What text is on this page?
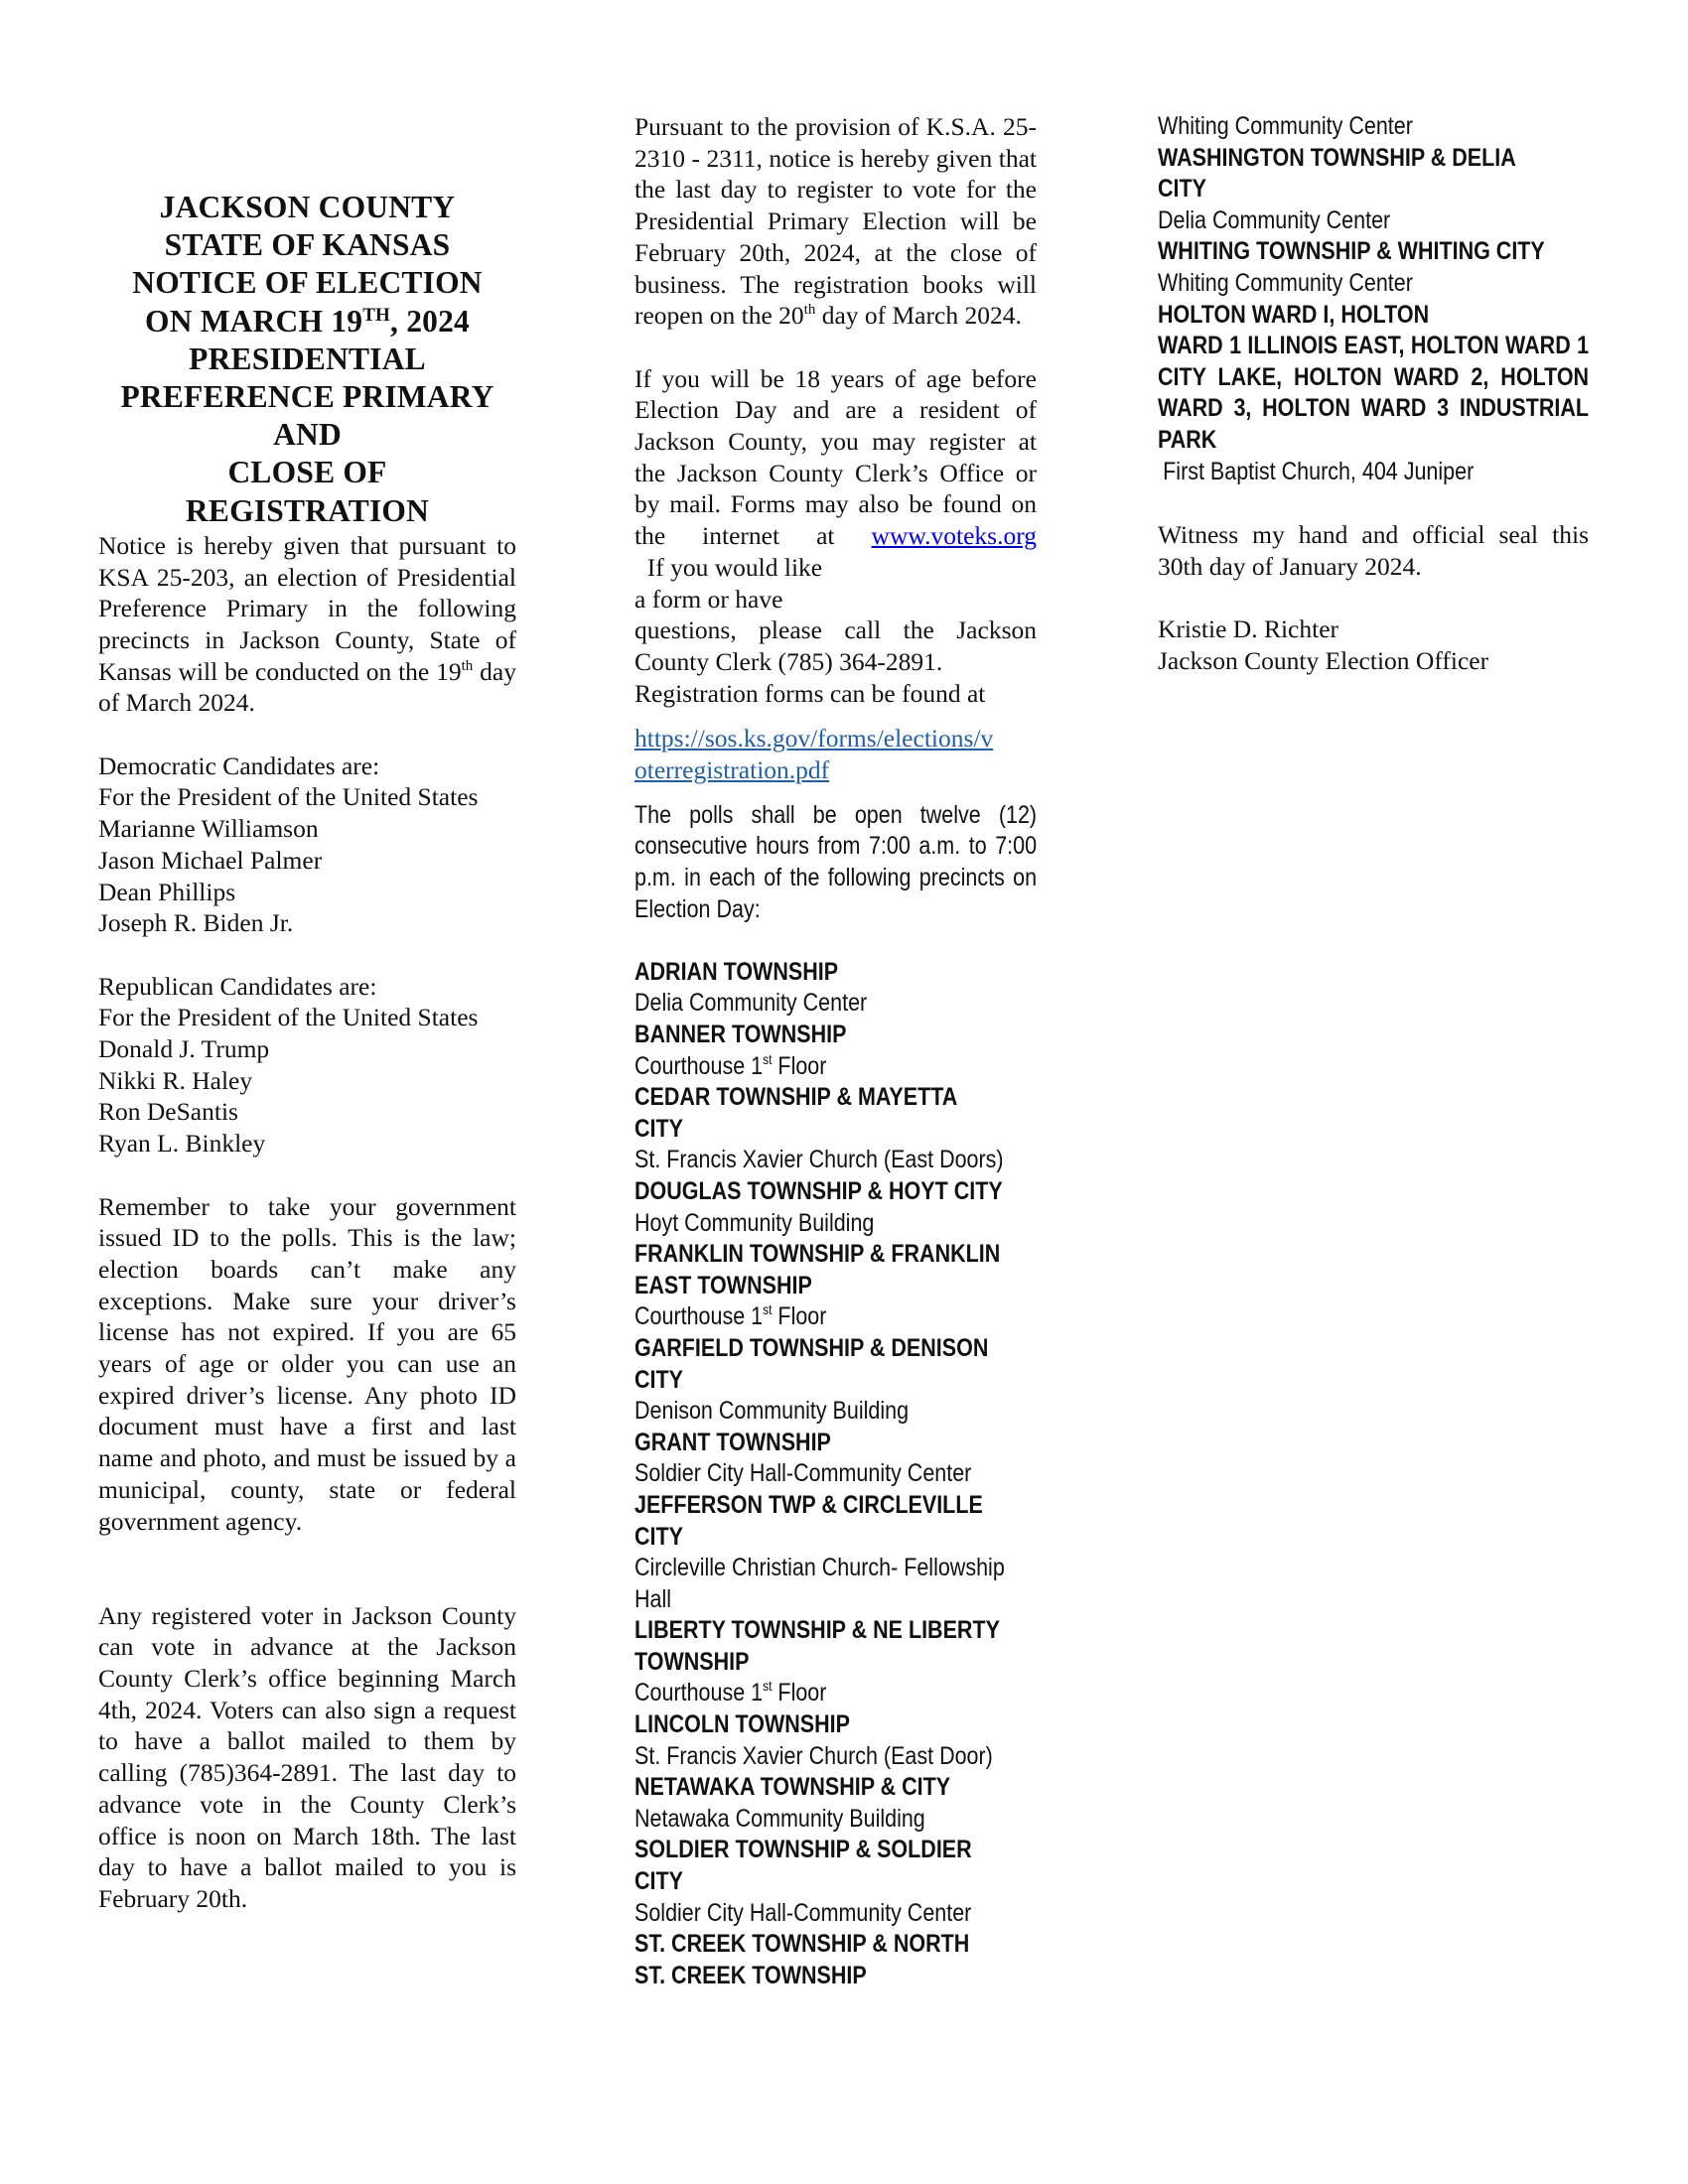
JACKSON COUNTY
STATE OF KANSAS
NOTICE OF ELECTION
ON MARCH 19TH, 2024
PRESIDENTIAL
PREFERENCE PRIMARY
AND
CLOSE OF
REGISTRATION

Notice is hereby given that pursuant to KSA 25-203, an election of Presidential Preference Primary in the following precincts in Jackson County, State of Kansas will be conducted on the 19th day of March 2024.

Democratic Candidates are:

For the President of the United States

Marianne Williamson

Jason Michael Palmer

Dean Phillips

Joseph R. Biden Jr.

Republican Candidates are:

For the President of the United States

Donald J. Trump

Nikki R. Haley

Ron DeSantis

Ryan L. Binkley

Remember to take your government issued ID to the polls. This is the law; election boards can’t make any exceptions. Make sure your driver’s license has not expired. If you are 65 years of age or older you can use an expired driver’s license. Any photo ID document must have a first and last name and photo, and must be issued by a municipal, county, state or federal government agency.

Any registered voter in Jackson County can vote in advance at the Jackson County Clerk’s office beginning March 4th, 2024. Voters can also sign a request to have a ballot mailed to them by calling (785)364-2891. The last day to advance vote in the County Clerk’s office is noon on March 18th. The last day to have a ballot mailed to you is February 20th.

Pursuant to the provision of K.S.A. 25-2310 - 2311, notice is hereby given that the last day to register to vote for the Presidential Primary Election will be February 20th, 2024, at the close of business. The registration books will reopen on the 20th day of March 2024.

If you will be 18 years of age before Election Day and are a resident of Jackson County, you may register at the Jackson County Clerk’s Office or by mail. Forms may also be found on the internet at www.voteks.org  If you would like

a form or have

questions, please call the Jackson County Clerk (785) 364-2891.

Registration forms can be found at

https://sos.ks.gov/forms/elections/v

oterregistration.pdf

The polls shall be open twelve (12) consecutive hours from 7:00 a.m. to 7:00 p.m. in each of the following precincts on Election Day:

ADRIAN TOWNSHIP

Delia Community Center

BANNER TOWNSHIP

Courthouse 1st Floor

CEDAR TOWNSHIP & MAYETTA CITY

St. Francis Xavier Church (East Doors)

DOUGLAS TOWNSHIP & HOYT CITY

Hoyt Community Building

FRANKLIN TOWNSHIP & FRANKLIN EAST TOWNSHIP

Courthouse 1st Floor

GARFIELD TOWNSHIP & DENISON CITY

Denison Community Building

GRANT TOWNSHIP

Soldier City Hall-Community Center

JEFFERSON TWP & CIRCLEVILLE CITY

Circleville Christian Church- Fellowship Hall

LIBERTY TOWNSHIP & NE LIBERTY TOWNSHIP

Courthouse 1st Floor

LINCOLN TOWNSHIP

St. Francis Xavier Church (East Door)

NETAWAKA TOWNSHIP & CITY

Netawaka Community Building

SOLDIER TOWNSHIP & SOLDIER CITY

Soldier City Hall-Community Center

ST. CREEK TOWNSHIP & NORTH ST. CREEK TOWNSHIP

Whiting Community Center

WASHINGTON TOWNSHIP & DELIA CITY

Delia Community Center

WHITING TOWNSHIP & WHITING CITY

Whiting Community Center

HOLTON WARD I, HOLTON

WARD 1 ILLINOIS EAST, HOLTON WARD 1 CITY LAKE, HOLTON WARD 2, HOLTON WARD 3, HOLTON WARD 3 INDUSTRIAL PARK

First Baptist Church, 404 Juniper

Witness my hand and official seal this 30th day of January 2024.

Kristie D. Richter

Jackson County Election Officer
